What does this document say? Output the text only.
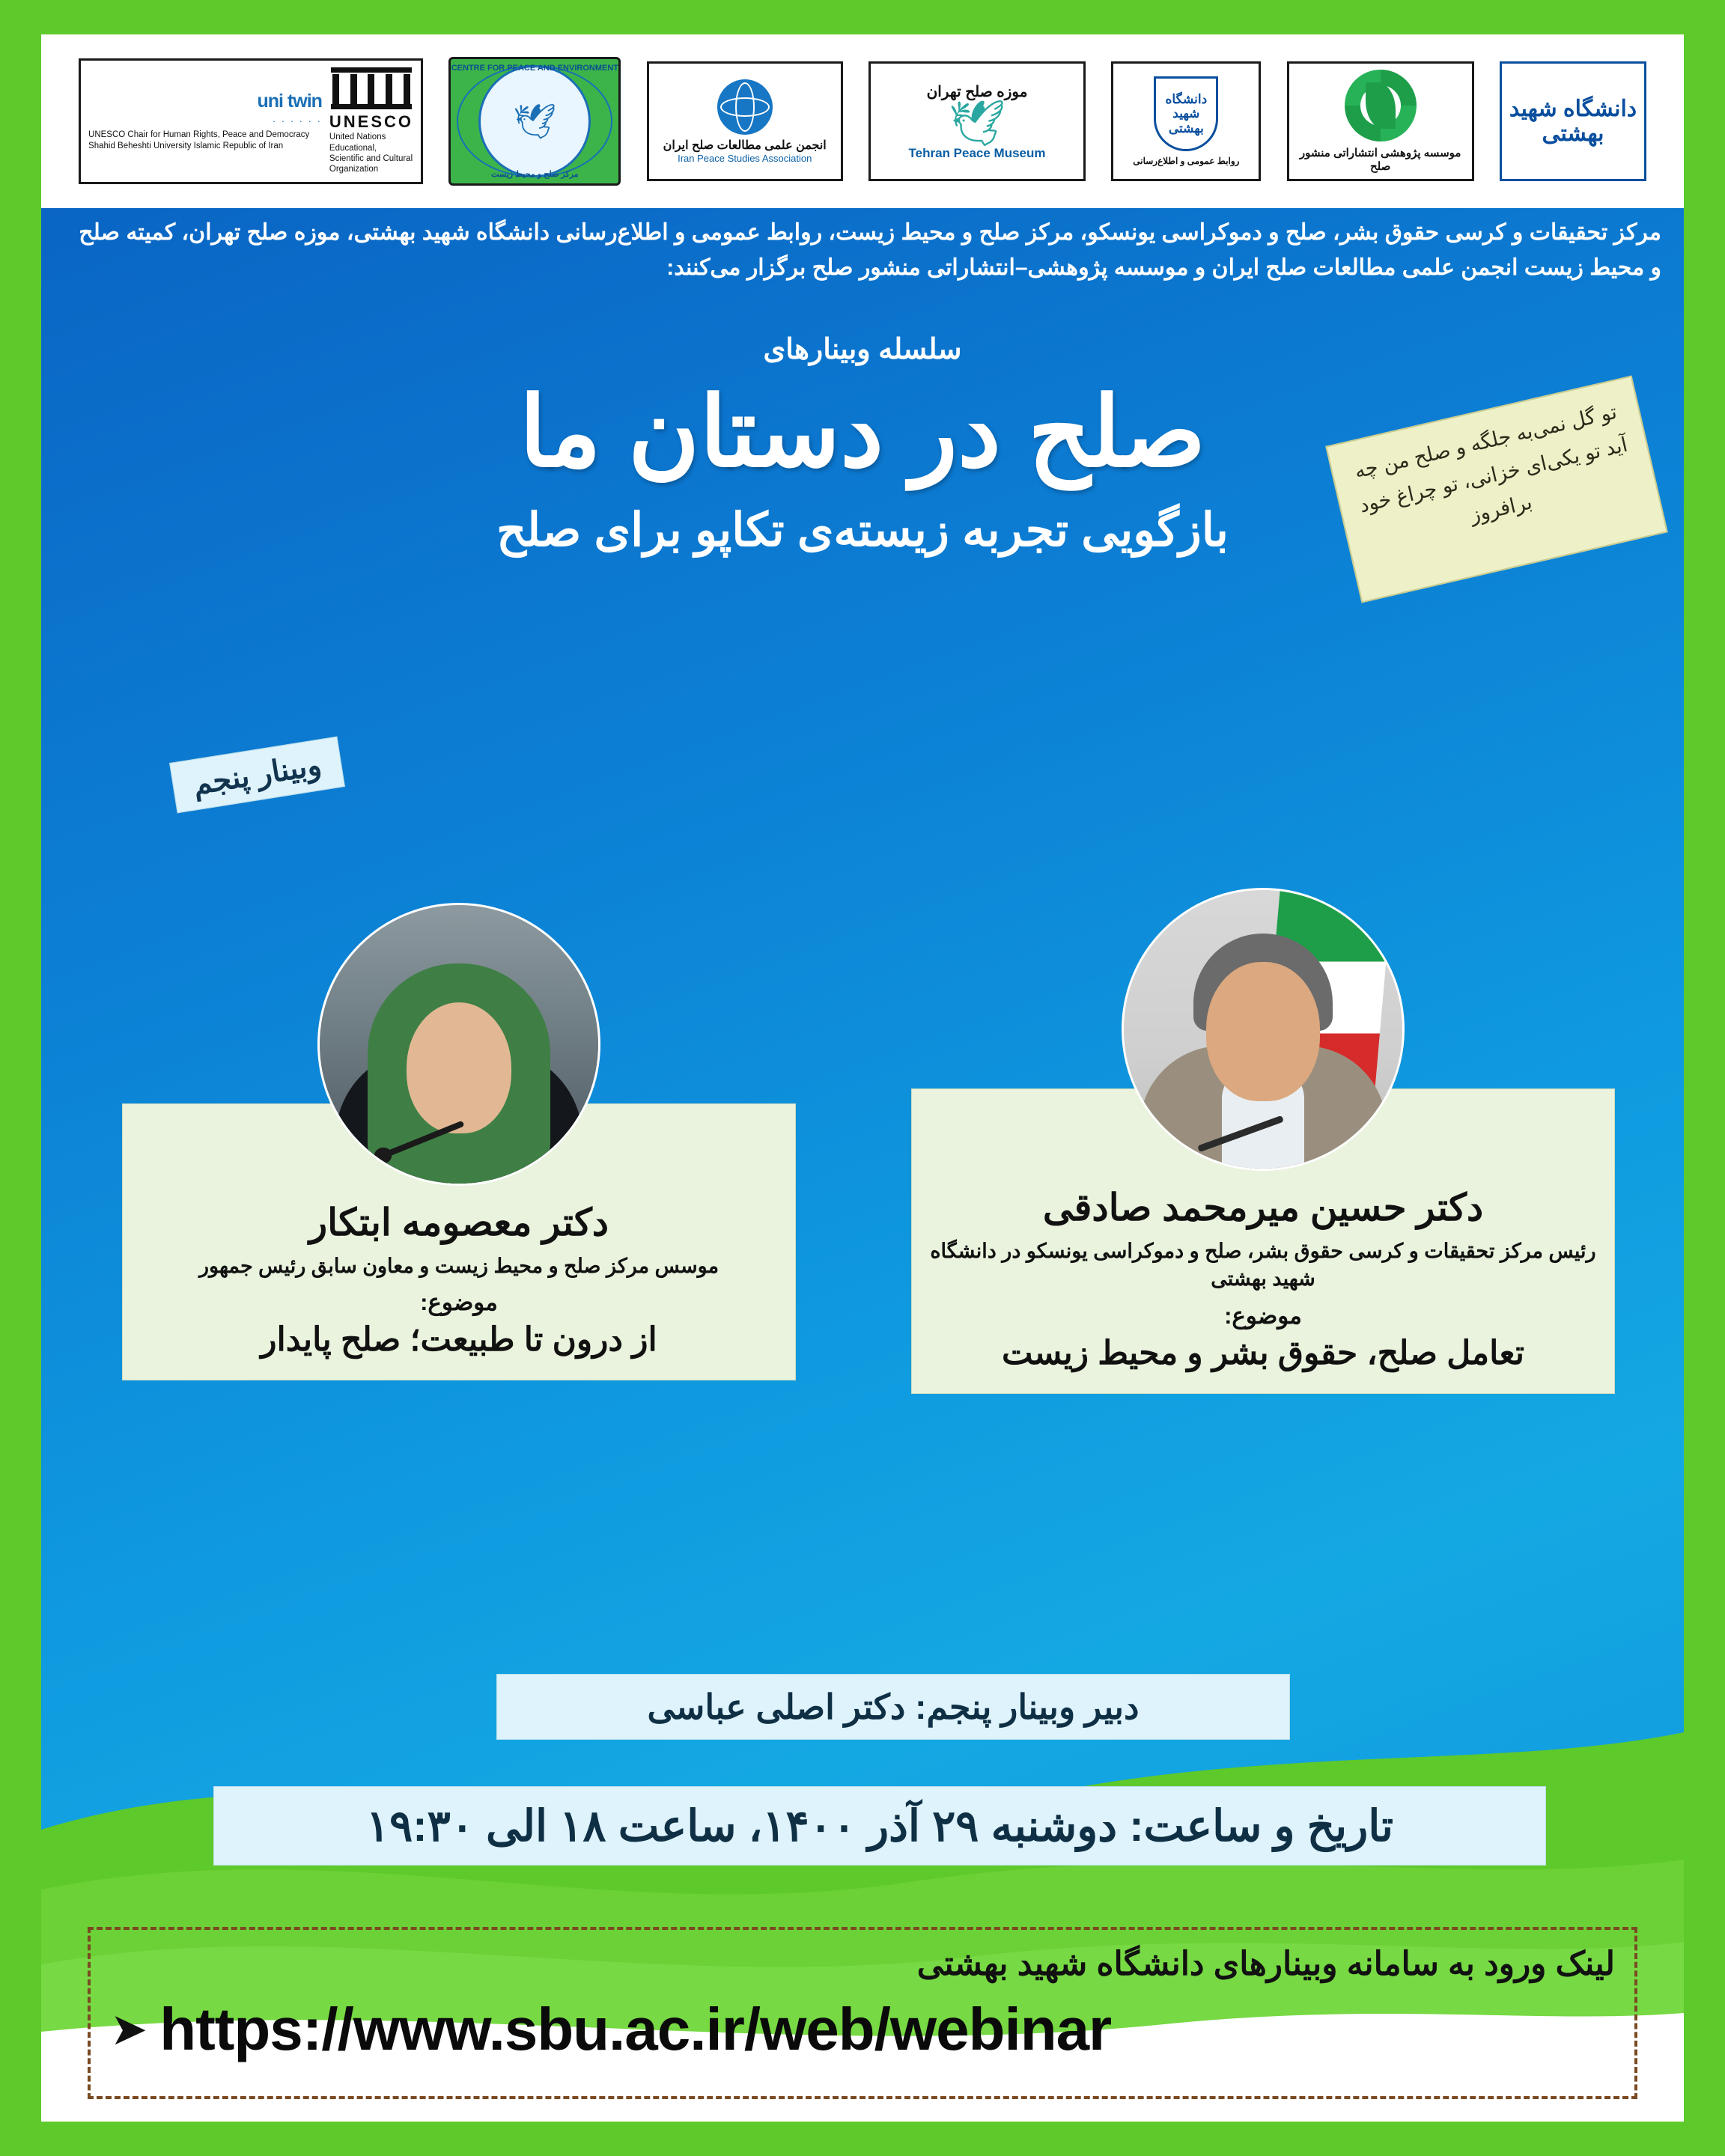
دانشگاه شهید بهشتی
موسسه پژوهشی انتشاراتی منشور صلح
دانشگاه شهید بهشتی
روابط عمومی و اطلاع‌رسانی
موزه صلح تهران
🕊
Tehran Peace Museum
انجمن علمی مطالعات صلح ایران
Iran Peace Studies Association
CENTRE FOR PEACE AND ENVIRONMENT
🕊
مرکز صلح و محیط زیست
UNESCO
United Nations Educational, Scientific and Cultural Organization
uni twin
· · · · · ·
UNESCO Chair for Human Rights, Peace and Democracy Shahid Beheshti University Islamic Republic of Iran
مرکز تحقیقات و کرسی حقوق بشر، صلح و دموکراسی یونسکو، مرکز صلح و محیط زیست، روابط عمومی و اطلاع‌رسانی دانشگاه شهید بهشتی، موزه صلح تهران، کمیته صلح و محیط زیست انجمن علمی مطالعات صلح ایران و موسسه پژوهشی–انتشاراتی منشور صلح برگزار می‌کنند:
سلسله وبینارهای
صلح در دستان ما
بازگویی تجربه زیسته‌ی تکاپو برای صلح
تو گل نمی‌به جلگه و صلح من چه آید تو یکی‌ای خزانی، تو چراغ خود برافروز
وبینار پنجم
دکتر حسین میرمحمد صادقی
رئیس مرکز تحقیقات و کرسی حقوق بشر، صلح و دموکراسی یونسکو در دانشگاه شهید بهشتی
موضوع:
تعامل صلح، حقوق بشر و محیط زیست
دکتر معصومه ابتکار
موسس مرکز صلح و محیط زیست و معاون سابق رئیس جمهور
موضوع:
از درون تا طبیعت؛ صلح پایدار
دبیر وبینار پنجم: دکتر اصلی عباسی
تاریخ و ساعت: دوشنبه ۲۹ آذر ۱۴۰۰، ساعت ۱۸ الی ۱۹:۳۰
لینک ورود به سامانه وبینارهای دانشگاه شهید بهشتی
➤ https://www.sbu.ac.ir/web/webinar
